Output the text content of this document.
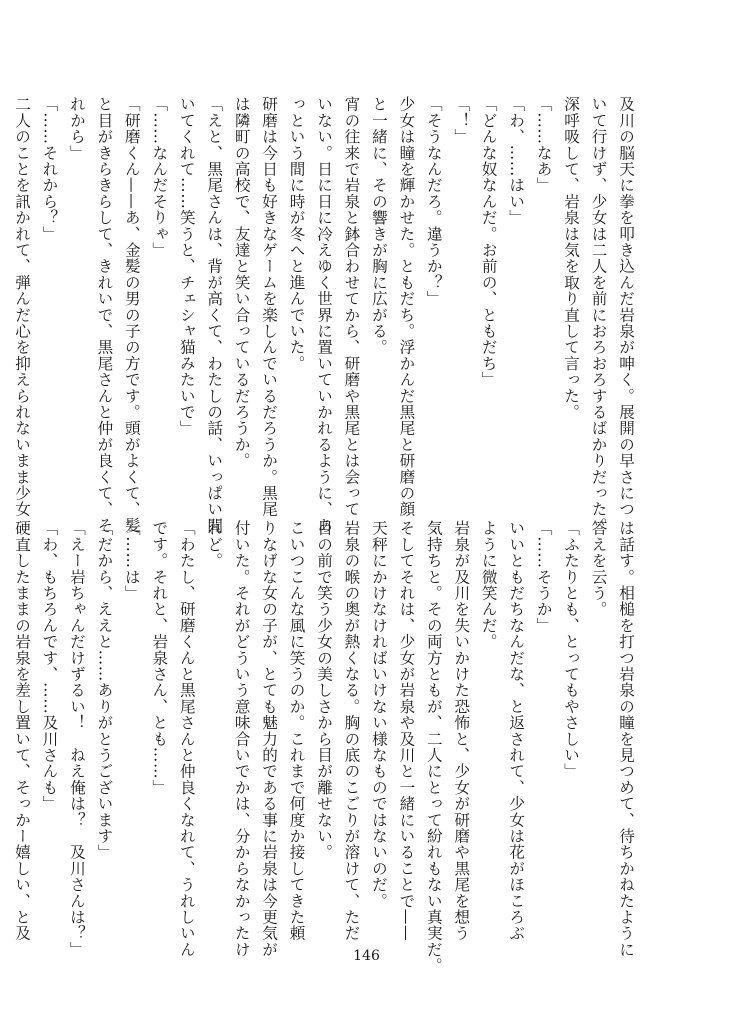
及川の脳天に拳を叩き込んだ岩泉が呻く。展開の早さにつ
いて行けず、少女は二人を前におろおろするばかりだった。
深呼吸して、岩泉は気を取り直して言った。
「……なあ」
「わ、……はい」
「どんな奴なんだ。お前の、ともだち」
「！」
「そうなんだろ。違うか？」
少女は瞳を輝かせた。ともだち。浮かんだ黒尾と研磨の顔
と一緒に、その響きが胸に広がる。
宵の往来で岩泉と鉢合わせてから、研磨や黒尾とは会って
いない。日に日に冷えゆく世界に置いていかれるように、あ
っという間に時が冬へと進んでいた。
研磨は今日も好きなゲームを楽しんでいるだろうか。黒尾
は隣町の高校で、友達と笑い合っているだろうか。
「えと、黒尾さんは、背が高くて、わたしの話、いっぱい聞
いてくれて……笑うと、チェシャ猫みたいで」
「……なんだそりゃ」
「研磨くん——あ、金髪の男の子の方です。頭がよくて、髪
と目がきらきらして、きれいで、黒尾さんと仲が良くて、そ
れから」
「……それから？」
二人のことを訊かれて、弾んだ心を抑えられないまま少女
は話す。相槌を打つ岩泉の瞳を見つめて、待ちかねたように
答えを云う。
「ふたりとも、とってもやさしい」
「……そうか」
いいともだちなんだな、と返されて、少女は花がほころぶ
ように微笑んだ。
岩泉が及川を失いかけた恐怖と、少女が研磨や黒尾を想う
気持ちと。その両方ともが、二人にとって紛れもない真実だ。
そしてそれは、少女が岩泉や及川と一緒にいることで——
天秤にかけなければいけない様なものではないのだ。
岩泉の喉の奥が熱くなる。胸の底のこごりが溶けて、ただ
目の前で笑う少女の美しさから目が離せない。
こいつこんな風に笑うのか。これまで何度か接してきた頼
りなげな女の子が、とても魅力的である事に岩泉は今更気が
付いた。それがどういう意味合いでかは、分からなかったけ
れど。
「わたし、研磨くんと黒尾さんと仲良くなれて、うれしいん
です。それと、岩泉さん、とも……」
「……は」
「だから、ええと……ありがとうございます」
「えー岩ちゃんだけずるい！　ねえ俺は？　及川さんは？」
「わ、もちろんです、……及川さんも」
硬直したままの岩泉を差し置いて、そっかー嬉しい、と及
146
